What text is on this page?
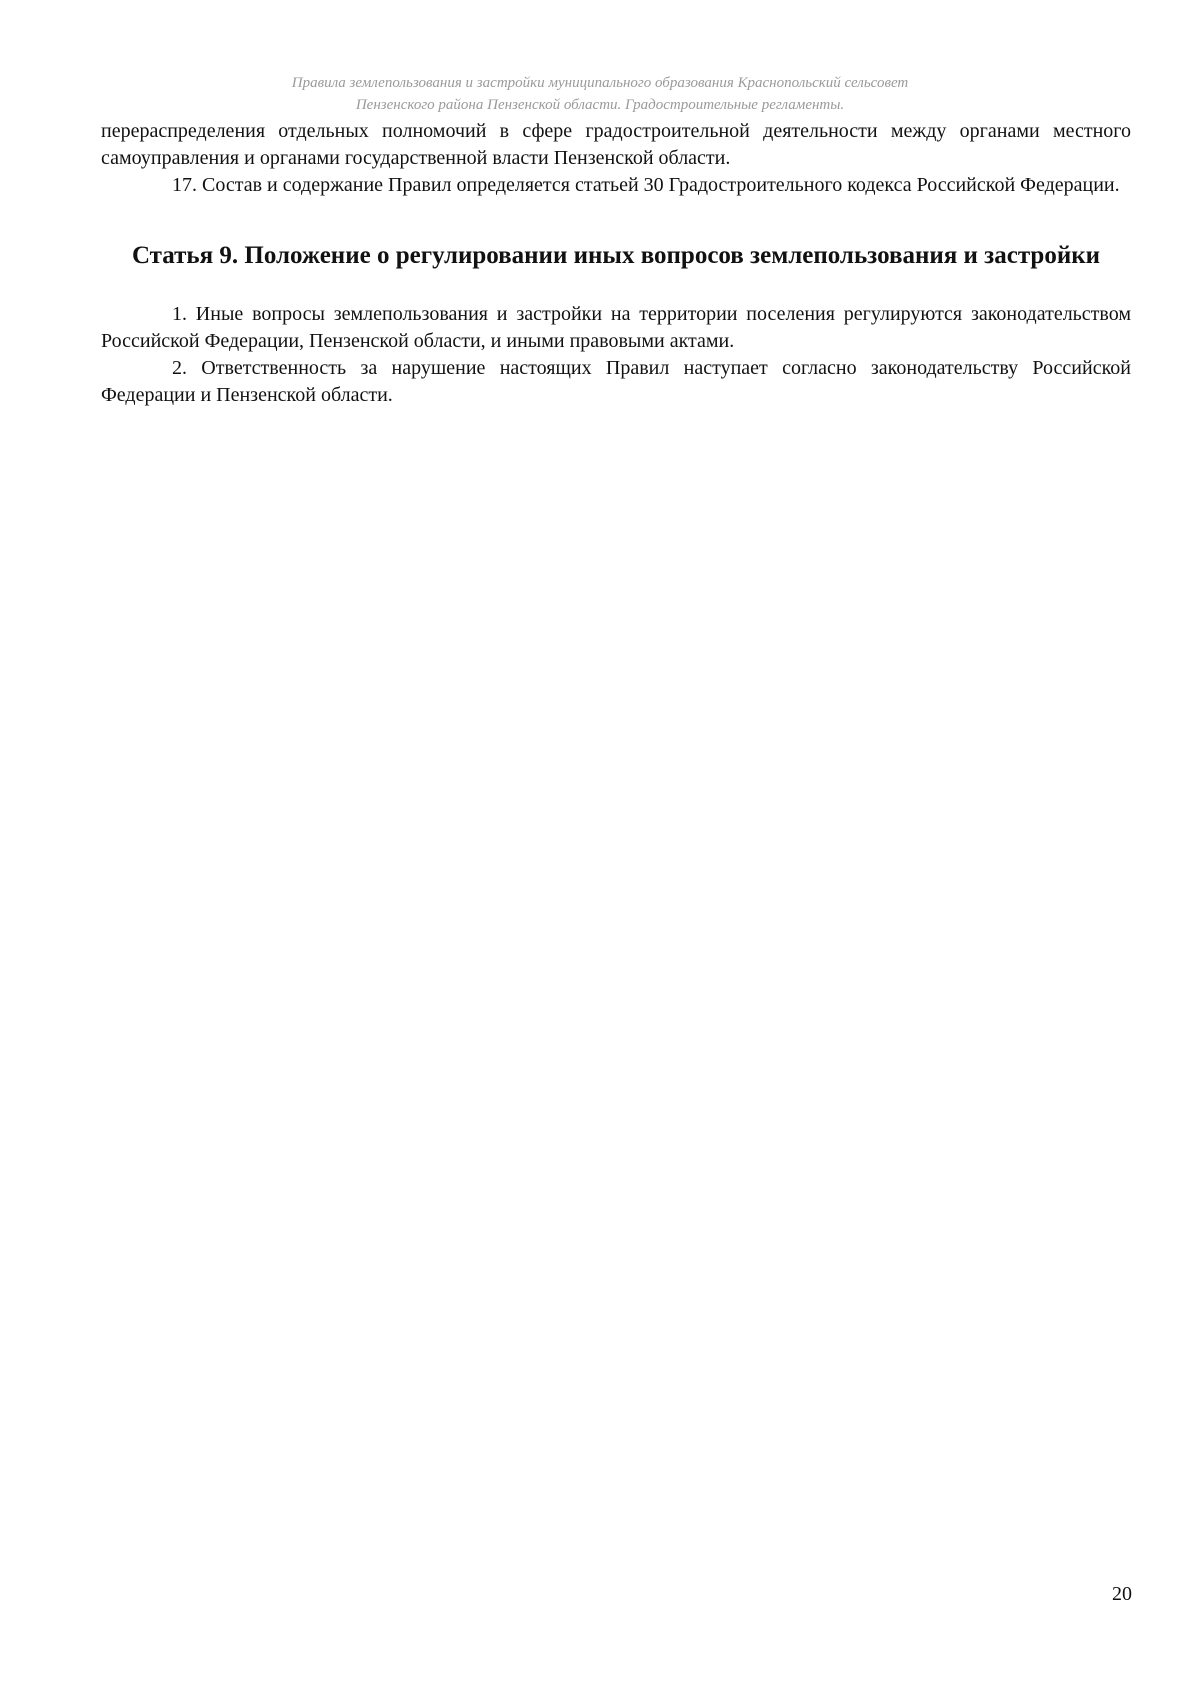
Правила землепользования и застройки муниципального образования Краснопольский сельсовет
Пензенского района Пензенской области. Градостроительные регламенты.

перераспределения отдельных полномочий в сфере градостроительной деятельности между органами местного самоуправления и органами государственной власти Пензенской области.

17. Состав и содержание Правил определяется статьей 30 Градостроительного кодекса Российской Федерации.

Статья 9. Положение о регулировании иных вопросов землепользования и застройки

1. Иные вопросы землепользования и застройки на территории поселения регулируются законодательством Российской Федерации, Пензенской области, и иными правовыми актами.

2. Ответственность за нарушение настоящих Правил наступает согласно законодательству Российской Федерации и Пензенской области.

20
